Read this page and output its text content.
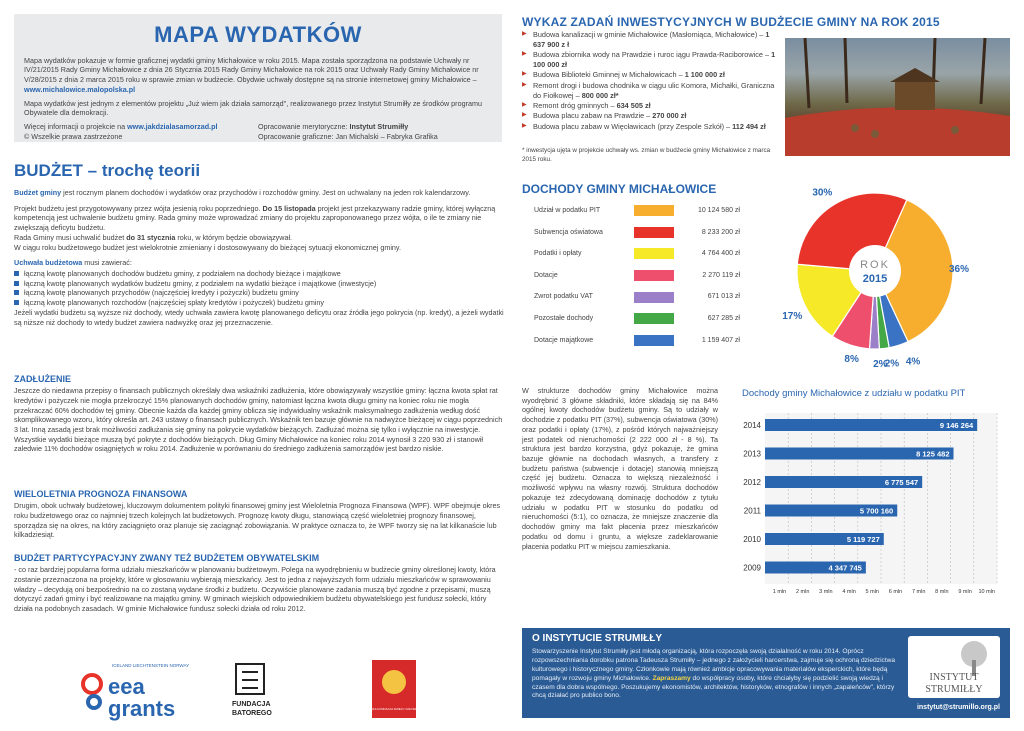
MAPA WYDATKÓW

Mapa wydatków pokazuje w formie graficznej wydatki gminy Michałowice w roku 2015. Mapa została sporządzona na podstawie Uchwały nr IV/21/2015 Rady Gminy Michałowice z dnia 26 Stycznia 2015 Rady Gminy Michałowice na rok 2015 oraz Uchwały Rady Gminy Michałowice nr V/28/2015 z dnia 2 marca 2015 roku w sprawie zmian w budżecie. Obydwie uchwały dostępne są na stronie internetowej gminy Michałowice – www.michalowice.malopolska.pl

Mapa wydatków jest jednym z elementów projektu „Już wiem jak działa samorząd", realizowanego przez Instytut Strumiłły ze środków programu Obywatele dla demokracji.

Więcej informacji o projekcie na www.jakdzialasamorzad.pl
© Wszelkie prawa zastrzeżone
Opracowanie merytoryczne: Instytut Strumiłły
Opracowanie graficzne: Jan Michalski – Fabryka Grafika
BUDŻET – trochę teorii

Budżet gminy jest rocznym planem dochodów i wydatków oraz przychodów i rozchodów gminy. Jest on uchwalany na jeden rok kalendarzowy.

Projekt budżetu jest przygotowywany przez wójta jesienią roku poprzedniego. Do 15 listopada projekt jest przekazywany radzie gminy, której wyłączną kompetencją jest uchwalenie budżetu gminy. Rada gminy może wprowadzać zmiany do projektu zaproponowanego przez wójta, o ile te zmiany nie zwiększają deficytu budżetu.
Rada Gminy musi uchwalić budżet do 31 stycznia roku, w którym będzie obowiązywał.
W ciągu roku budżetowego budżet jest wielokrotnie zmieniany i dostosowywany do bieżącej sytuacji ekonomicznej gminy.

Uchwała budżetowa musi zawierać:
łączną kwotę planowanych dochodów budżetu gminy, z podziałem na dochody bieżące i majątkowe
łączną kwotę planowanych wydatków budżetu gminy, z podziałem na wydatki bieżące i majątkowe (inwestycje)
łączną kwotę planowanych przychodów (najczęściej kredyty i pożyczki) budżetu gminy
łączną kwotę planowanych rozchodów (najczęściej spłaty kredytów i pożyczek) budżetu gminy

Jeżeli wydatki budżetu są wyższe niż dochody, wtedy uchwała zawiera kwotę planowanego deficytu oraz źródła jego pokrycia (np. kredyt), a jeżeli wydatki są niższe niż dochody to wtedy budżet zawiera nadwyżkę oraz jej przeznaczenie.

ZADŁUŻENIE
Jeszcze do niedawna przepisy o finansach publicznych określały dwa wskaźniki zadłużenia, które obowiązywały wszystkie gminy: łączna kwota spłat rat kredytów i pożyczek nie mogła przekroczyć 15% planowanych dochodów gminy, natomiast łączna kwota długu gminy na koniec roku nie mogła przekraczać 60% dochodów tej gminy. Obecnie każda dla każdej gminy oblicza się indywidualny wskaźnik maksymalnego zadłużenia według dość skomplikowanego wzoru, który określa art. 243 ustawy o finansach publicznych. Wskaźnik ten bazuje głównie na nadwyżce bieżącej w ciągu poprzednich 3 lat. Inną zasadą jest brak możliwości zadłużania się gminy na pokrycie wydatków bieżących. Zadłużać można się tylko i wyłącznie na inwestycje. Wszystkie wydatki bieżące muszą być pokryte z dochodów bieżących. Dług Gminy Michałowice na koniec roku 2014 wynosił 3 220 930 zł i stanowił zaledwie 11% dochodów osiągniętych w roku 2014. Zadłużenie w porównaniu do średniego zadłużenia samorządów jest bardzo niskie.
WIELOLETNIA PROGNOZA FINANSOWA
Drugim, obok uchwały budżetowej, kluczowym dokumentem polityki finansowej gminy jest Wieloletnia Prognoza Finansowa (WPF). WPF obejmuje okres roku budżetowego oraz co najmniej trzech kolejnych lat budżetowych. Prognozę kwoty długu, stanowiącą część wieloletniej prognozy finansowej, sporządza się na okres, na który zaciągnięto oraz planuje się zaciągnąć zobowiązania. W praktyce oznacza to, że WPF tworzy się na lat kilkanaście lub kilkadziesiąt.
BUDŻET PARTYCYPACYJNY ZWANY TEŻ BUDŻETEM OBYWATELSKIM
- co raz bardziej popularna forma udziału mieszkańców w planowaniu budżetowym. Polega na wyodrębnieniu w budżecie gminy określonej kwoty, która zostanie przeznaczona na projekty, które w głosowaniu wybierają mieszkańcy. Jest to jedna z najwyższych form udziału mieszkańców w sprawowaniu władzy – decydują oni bezpośrednio na co zostaną wydane środki z budżetu. Oczywiście planowane zadania muszą być zgodne z przepisami, muszą dotyczyć zadań gminy i być realizowane na majątku gminy. W gminach wiejskich odpowiednikiem budżetu obywatelskiego jest fundusz sołecki, który działa na podobnych zasadach. W gminie Michałowice fundusz sołecki działa od roku 2012.
ICELAND LIECHTENSTEIN NORWAY
eea
grants	FUNDACJA
BATOREGO
POLSKA FUNDACJA DZIECI I MŁODZIEŻY
WYKAZ ZADAŃ INWESTYCYJNYCH W BUDŻECIE GMINY NA ROK 2015
▶ Budowa kanalizacji w gminie Michałowice (Masłomiąca, Michałowice) – 1 637 900 z ł
▶ Budowa zbiornika wody na Prawdzie i ruroc iągu Prawda-Raciborowice – 1 100 000 zł
▶ Budowa Biblioteki Gminnej w Michałowicach – 1 100 000 zł
▶ Remont drogi i budowa chodnika w ciągu ulic Komora, Michałki, Graniczna do Fiołkowej – 800 000 zł*
▶ Remont dróg gminnych – 634 505 zł
▶ Budowa placu zabaw na Prawdzie – 270 000 zł
▶ Budowa placu zabaw w Więcławicach (przy Zespole Szkół) – 112 494 zł
* inwestycja ujęta w projekcie uchwały ws. zmian w budżecie gminy Michałowice z marca 2015 roku.
DOCHODY GMINY MICHAŁOWICE
Udział w podatku PIT	10 124 580 zł
Subwencja oświatowa	8 233 200 zł
Podatki i opłaty	4 764 400 zł
Dotacje	2 270 119 zł
Zwrot podatku VAT	671 013 zł
Pozostałe dochody	627 285 zł
Dotacje majątkowe	1 159 407 zł
ROK
2015
36%
4%
2%
2%
8%
17%
30%
W strukturze dochodów gminy Michałowice można wyodrębnić 3 główne składniki, które składają się na 84% ogólnej kwoty dochodów budżetu gminy. Są to udziały w dochodzie z podatku PIT (37%), subwencja oświatowa (30%) oraz podatki i opłaty (17%), z pośród których najważniejszy jest podatek od nieruchomości (2 222 000 zł - 8 %). Ta struktura jest bardzo korzystna, gdyż pokazuje, że gmina bazuje głównie na dochodach własnych, a transfery z budżetu państwa (subwencje i dotacje) stanowią mniejszą część jej budżetu. Oznacza to większą niezależność i możliwość wpływu na własny rozwój. Struktura dochodów pokazuje też zdecydowaną dominację dochodów z tytułu udziału w podatku PIT w stosunku do podatku od nieruchomości (5:1), co oznacza, że mniejsze znaczenie dla dochodów gminy ma fakt płacenia przez mieszkańców podatku od domu i gruntu, a większe zadeklarowanie płacenia podatku PIT w miejscu zamieszkania.
Dochody gminy Michałowice z udziału w podatku PIT
2014	9 146 264
2013	8 125 482
2012	6 775 547
2011	5 700 160
2010	5 119 727
2009	4 347 745
1 mln 2 mln 3 mln 4 mln 5 mln 6 mln 7 mln 8 mln 9 mln 10 mln
O INSTYTUCIE STRUMIŁŁY
Stowarzyszenie Instytut Strumiłły jest młodą organizacją, która rozpoczęła swoją działalność w roku 2014. Oprócz rozpowszechniania dorobku patrona Tadeusza Strumiłły – jednego z założycieli harcerstwa, zajmuje się ochroną dziedzictwa kulturowego i historycznego gminy. Członkowie mają również ambicje opracowywania materiałów eksperckich, które będą pomagały w rozwoju gminy Michałowice. Zapraszamy do współpracy osoby, które chciałyby się podzielić swoją wiedzą i czasem dla dobra wspólnego. Poszukujemy ekonomistów, architektów, historyków, etnografów i innych „zapaleńców", którzy chcą działać pro publico bono.
INSTYTUT
STRUMIŁŁY
instytut@strumillo.org.pl
